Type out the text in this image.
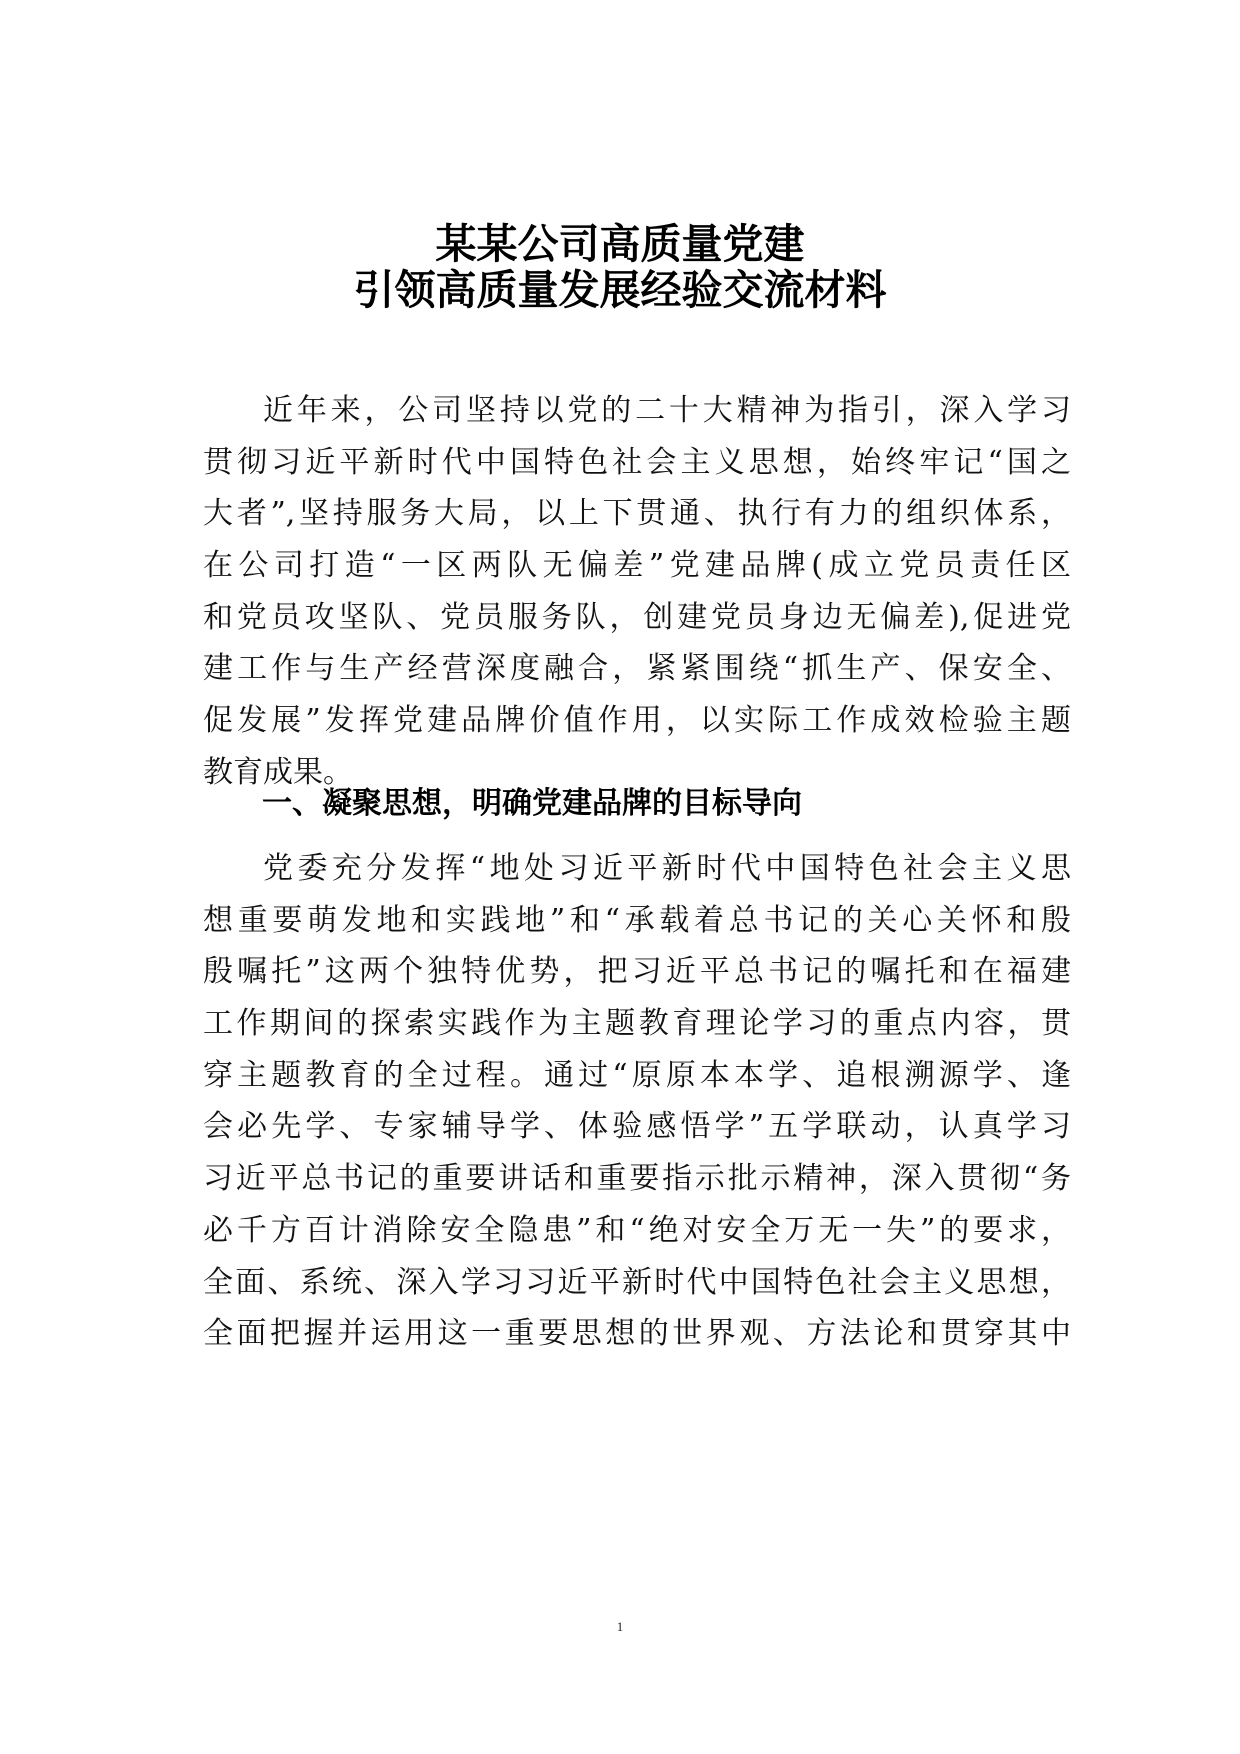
某某公司高质量党建
引领高质量发展经验交流材料
近年来，公司坚持以党的二十大精神为指引，深入学习
贯彻习近平新时代中国特色社会主义思想，始终牢记“国之
大者”,坚持服务大局，以上下贯通、执行有力的组织体系，
在公司打造“一区两队无偏差”党建品牌(成立党员责任区
和党员攻坚队、党员服务队，创建党员身边无偏差),促进党
建工作与生产经营深度融合，紧紧围绕“抓生产、保安全、
促发展”发挥党建品牌价值作用，以实际工作成效检验主题
教育成果。
一、凝聚思想，明确党建品牌的目标导向
党委充分发挥“地处习近平新时代中国特色社会主义思
想重要萌发地和实践地”和“承载着总书记的关心关怀和殷
殷嘱托”这两个独特优势，把习近平总书记的嘱托和在福建
工作期间的探索实践作为主题教育理论学习的重点内容，贯
穿主题教育的全过程。通过“原原本本学、追根溯源学、逢
会必先学、专家辅导学、体验感悟学”五学联动，认真学习
习近平总书记的重要讲话和重要指示批示精神，深入贯彻“务
必千方百计消除安全隐患”和“绝对安全万无一失”的要求，
全面、系统、深入学习习近平新时代中国特色社会主义思想，
全面把握并运用这一重要思想的世界观、方法论和贯穿其中
1
